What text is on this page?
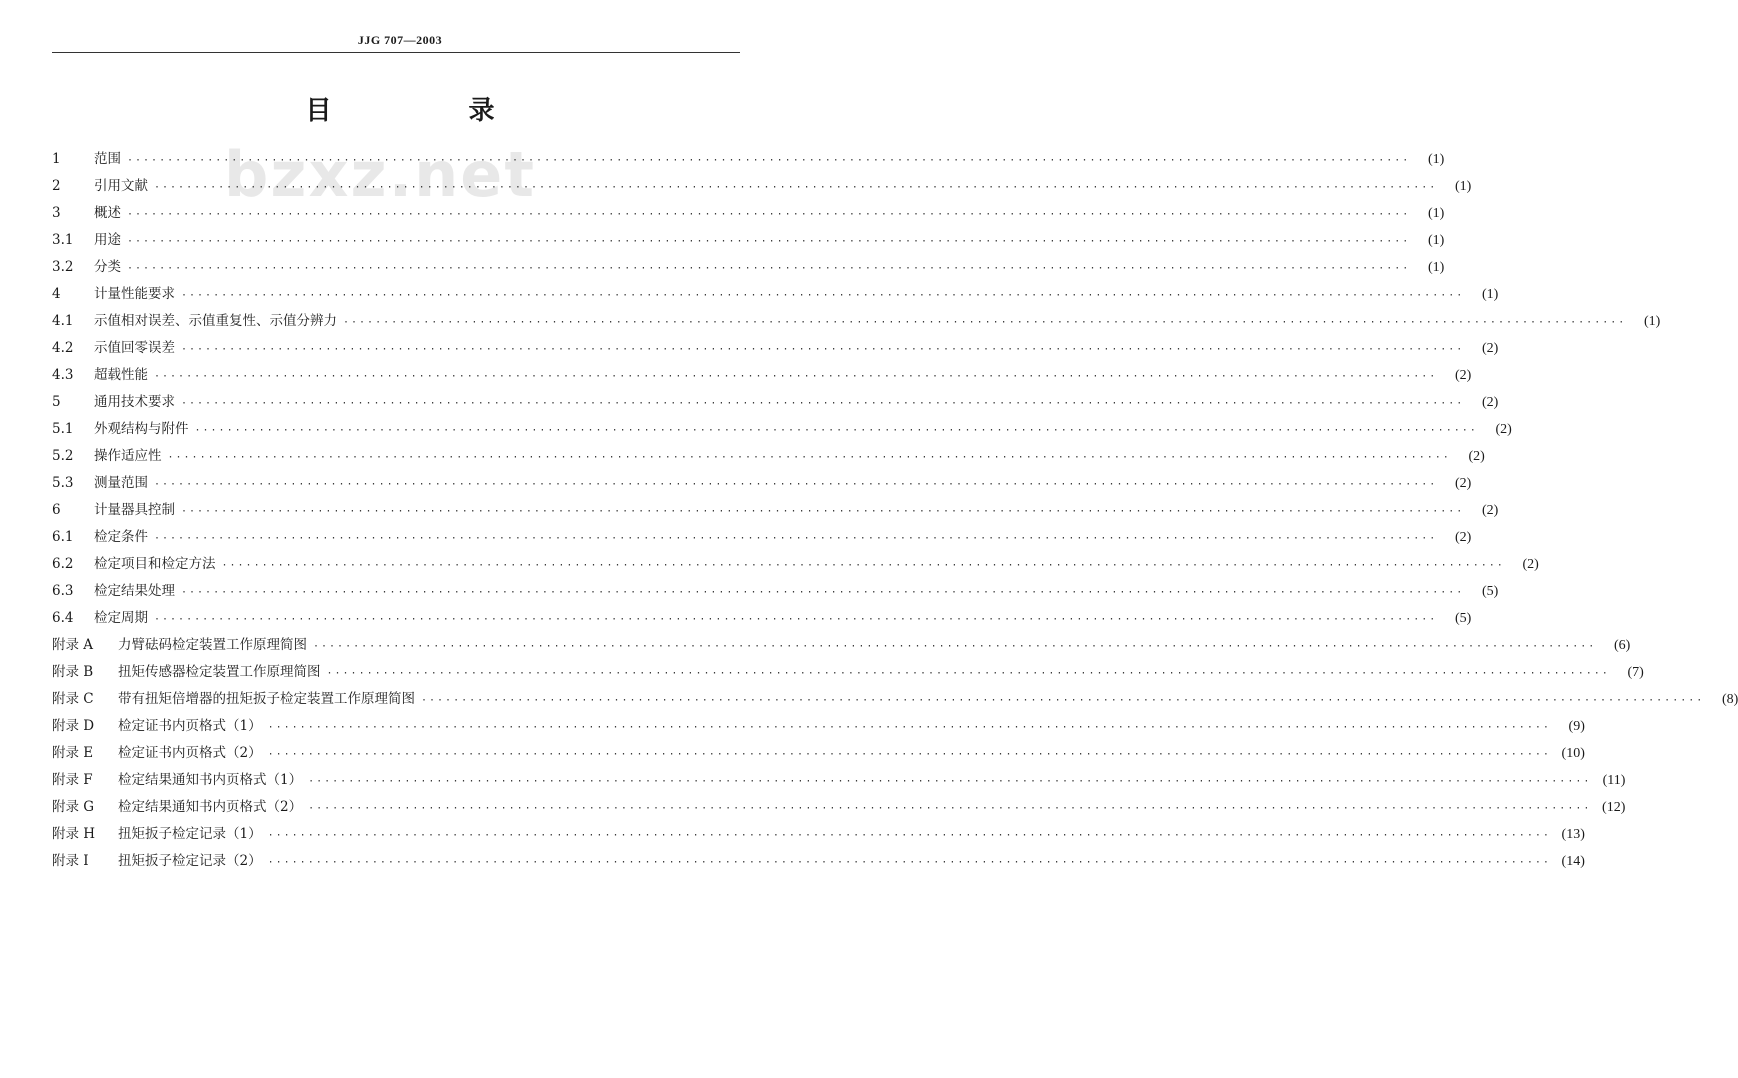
JJG 707—2003
目 录
bzxz.net
1	范围 ································································································································································	(1)
2	引用文献 ································································································································································	(1)
3	概述 ································································································································································	(1)
3.1	用途 ································································································································································	(1)
3.2	分类 ································································································································································	(1)
4	计量性能要求 ································································································································································	(1)
4.1	示值相对误差、示值重复性、示值分辨力 ································································································································································	(1)
4.2	示值回零误差 ································································································································································	(2)
4.3	超载性能 ································································································································································	(2)
5	通用技术要求 ································································································································································	(2)
5.1	外观结构与附件 ································································································································································	(2)
5.2	操作适应性 ································································································································································	(2)
5.3	测量范围 ································································································································································	(2)
6	计量器具控制 ································································································································································	(2)
6.1	检定条件 ································································································································································	(2)
6.2	检定项目和检定方法 ································································································································································	(2)
6.3	检定结果处理 ································································································································································	(5)
6.4	检定周期 ································································································································································	(5)
附录 A	力臂砝码检定装置工作原理简图 ································································································································································	(6)
附录 B	扭矩传感器检定装置工作原理简图 ································································································································································	(7)
附录 C	带有扭矩倍增器的扭矩扳子检定装置工作原理简图 ································································································································································	(8)
附录 D	检定证书内页格式（1） ································································································································································	(9)
附录 E	检定证书内页格式（2） ································································································································································ (10)
附录 F	检定结果通知书内页格式（1） ································································································································································ (11)
附录 G	检定结果通知书内页格式（2） ································································································································································ (12)
附录 H	扭矩扳子检定记录（1） ································································································································································ (13)
附录 I	扭矩扳子检定记录（2） ································································································································································ (14)
